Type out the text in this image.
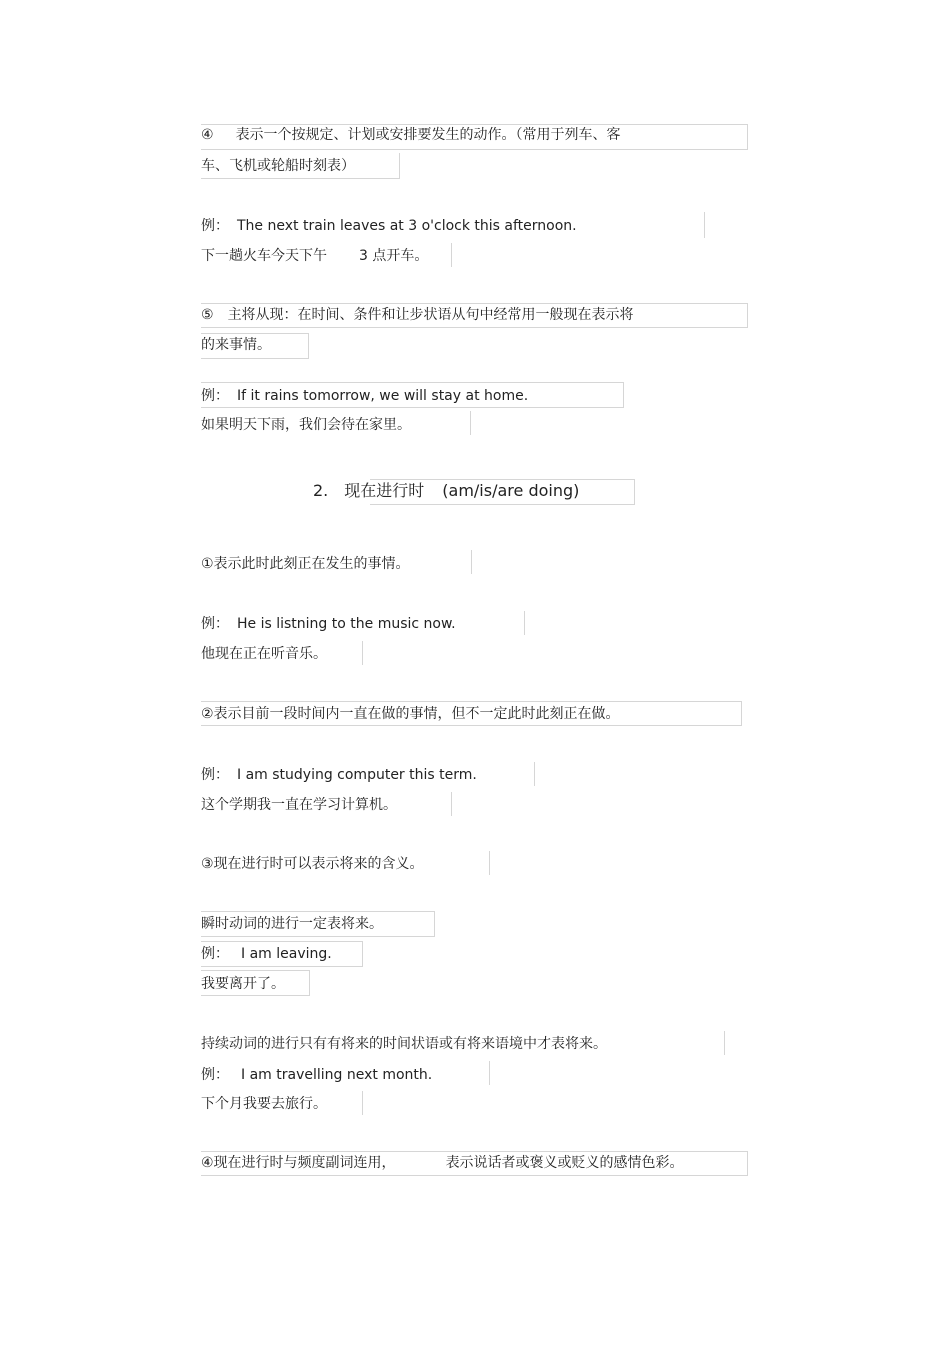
④ 表示一个按规定、计划或安排要发生的动作。（常用于列车、客
车、飞机或轮船时刻表）
例： The next train leaves at 3 o'clock this afternoon.
下一趟火车今天下午 3 点开车。
⑤ 主将从现：在时间、条件和让步状语从句中经常用一般现在表示将
的来事情。
例： If it rains tomorrow, we will stay at home.
如果明天下雨，我们会待在家里。
2. 现在进行时 (am/is/are doing)
①表示此时此刻正在发生的事情。
例： He is listning to the music now.
他现在正在听音乐。
②表示目前一段时间内一直在做的事情，但不一定此时此刻正在做。
例： I am studying computer this term.
这个学期我一直在学习计算机。
③现在进行时可以表示将来的含义。
瞬时动词的进行一定表将来。
例： I am leaving.
我要离开了。
持续动词的进行只有有将来的时间状语或有将来语境中才表将来。
例： I am travelling next month.
下个月我要去旅行。
④现在进行时与频度副词连用，	表示说话者或褒义或贬义的感情色彩。
